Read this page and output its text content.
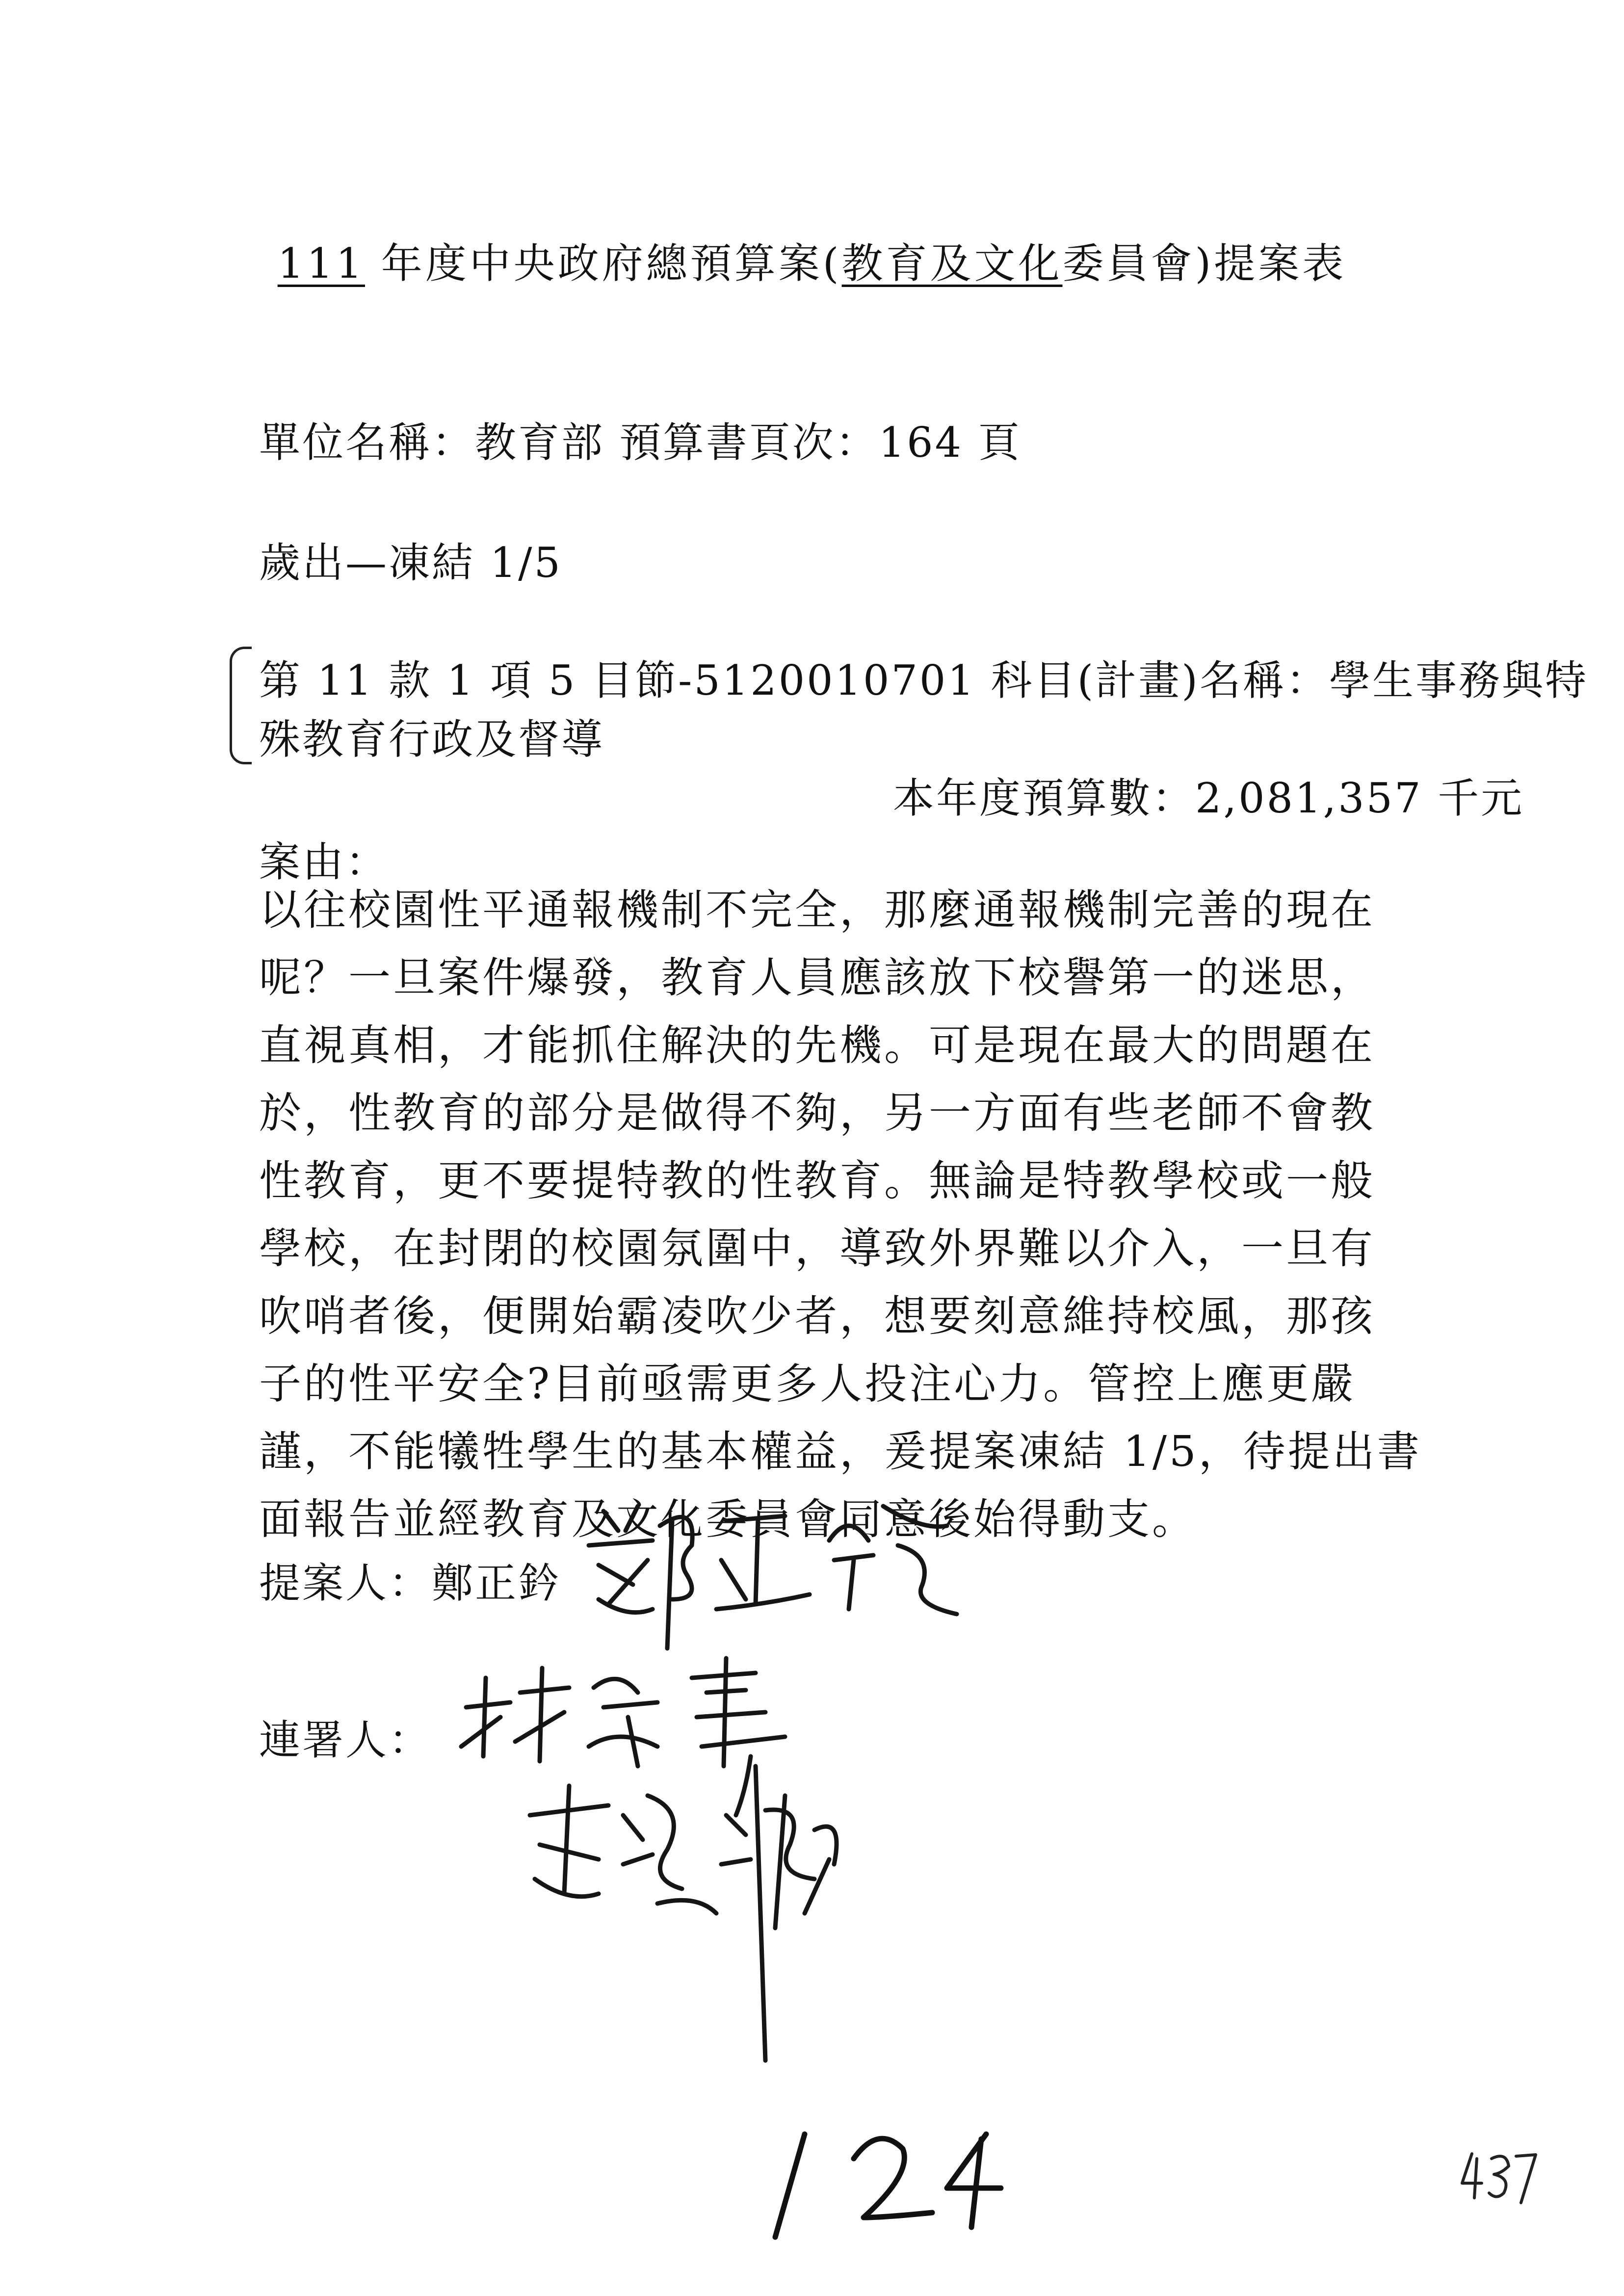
111 年度中央政府總預算案(教育及文化委員會)提案表
單位名稱：教育部 預算書頁次：164 頁
歲出—凍結 1/5
第 11 款 1 項 5 目節-5120010701 科目(計畫)名稱：學生事務與特
殊教育行政及督導
本年度預算數：2,081,357 千元
案由：
以往校園性平通報機制不完全，那麼通報機制完善的現在
呢？一旦案件爆發，教育人員應該放下校譽第一的迷思，
直視真相，才能抓住解決的先機。可是現在最大的問題在
於，性教育的部分是做得不夠，另一方面有些老師不會教
性教育，更不要提特教的性教育。無論是特教學校或一般
學校，在封閉的校園氛圍中，導致外界難以介入，一旦有
吹哨者後，便開始霸凌吹少者，想要刻意維持校風，那孩
子的性平安全?目前亟需更多人投注心力。管控上應更嚴
謹，不能犧牲學生的基本權益，爰提案凍結 1/5，待提出書
面報告並經教育及文化委員會同意後始得動支。
提案人：鄭正鈐
連署人：
